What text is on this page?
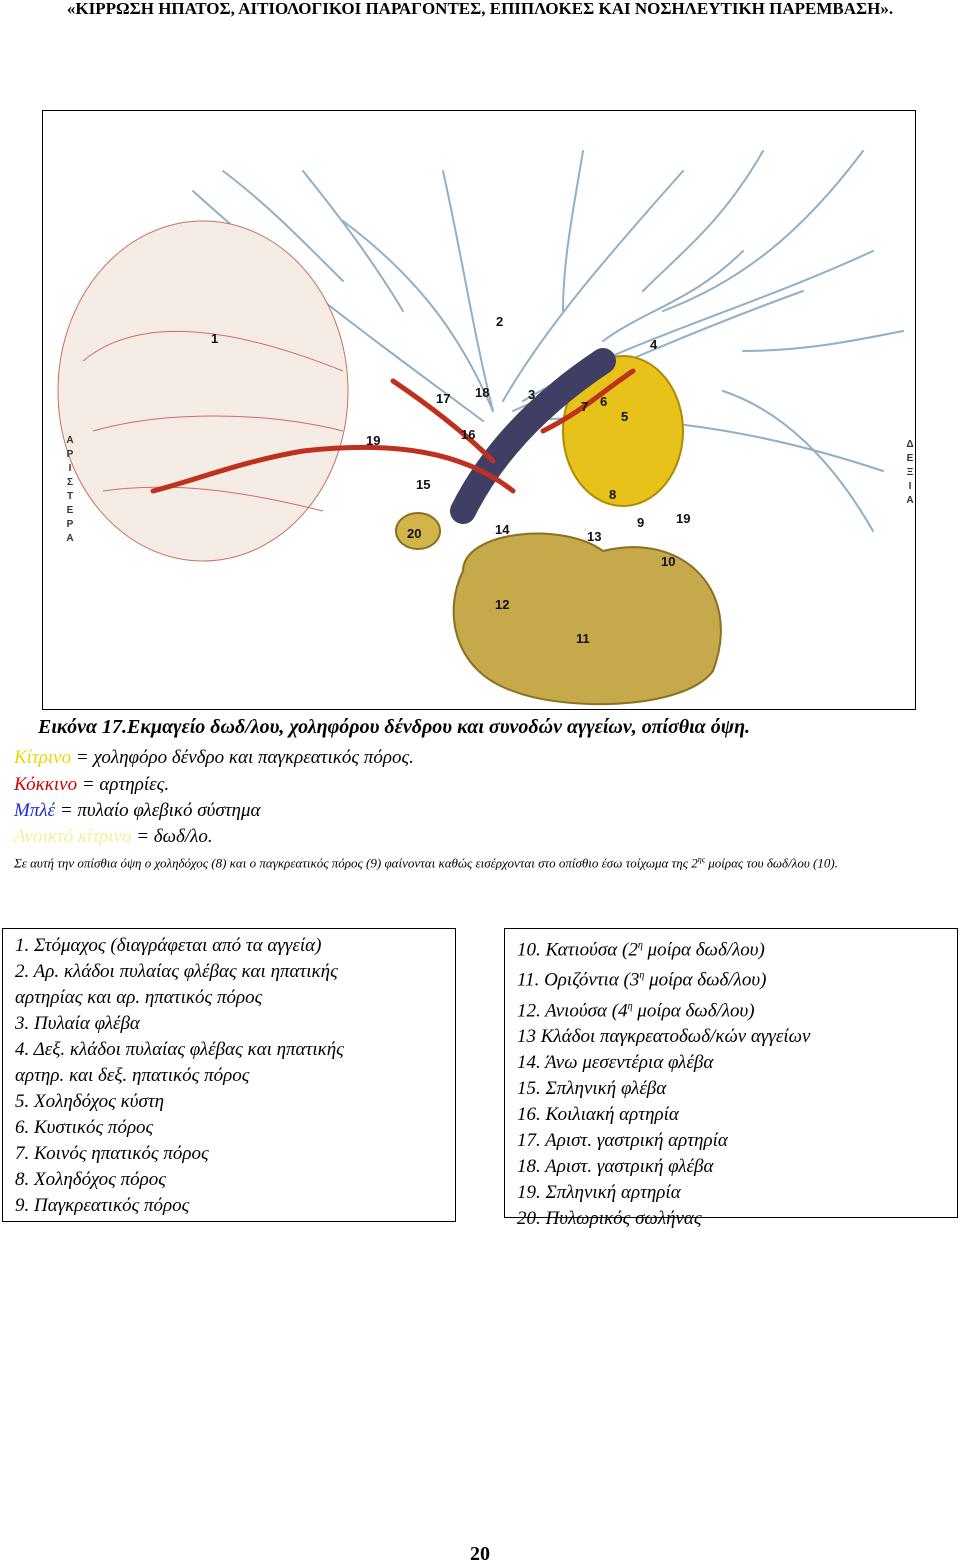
«ΚΙΡΡΩΣΗ ΗΠΑΤΟΣ, ΑΙΤΙΟΛΟΓΙΚΟΙ ΠΑΡΑΓΟΝΤΕΣ, ΕΠΙΠΛΟΚΕΣ ΚΑΙ ΝΟΣΗΛΕΥΤΙΚΗ ΠΑΡΕΜΒΑΣΗ».
1
2
3
4
5
6
7
8
9
10
11
12
13
14
15
16
17 18
19
19
20
Α
Ρ
Ι
Σ
Τ
Ε
Ρ
Α
Δ
Ε
Ξ
Ι
Α
Εικόνα 17.Εκμαγείο δωδ/λου, χοληφόρου δένδρου και συνοδών αγγείων, οπίσθια όψη.
Κίτρινο = χοληφόρο δένδρο και παγκρεατικός πόρος.
Κόκκινο = αρτηρίες.
Μπλέ = πυλαίο φλεβικό σύστημα
Ανοικτό κίτρινο = δωδ/λο.
Σε αυτή την οπίσθια όψη ο χοληδόχος (8) και ο παγκρεατικός πόρος (9) φαίνονται καθώς εισέρχονται στο οπίσθιο έσω τοίχωμα της $2^{\eta\varsigma}$ μοίρας του δωδ/λου (10).
1. Στόμαχος (διαγράφεται από τα αγγεία)
2. Αρ. κλάδοι πυλαίας φλέβας και ηπατικής
αρτηρίας και αρ. ηπατικός πόρος
3. Πυλαία φλέβα
4. Δεξ. κλάδοι πυλαίας φλέβας και ηπατικής
αρτηρ. και δεξ. ηπατικός πόρος
5. Χοληδόχος κύστη
6. Κυστικός πόρος
7. Κοινός ηπατικός πόρος
8. Χοληδόχος πόρος
9. Παγκρεατικός πόρος
10. Κατιούσα ($2^\eta$ μοίρα δωδ/λου)
11. Οριζόντια ($3^\eta$ μοίρα δωδ/λου)
12. Ανιούσα ($4^\eta$ μοίρα δωδ/λου)
13 Κλάδοι παγκρεατοδωδ/κών αγγείων
14. Άνω μεσεντέρια φλέβα
15. Σπληνική φλέβα
16. Κοιλιακή αρτηρία
17. Αριστ. γαστρική αρτηρία
18. Αριστ. γαστρική φλέβα
19. Σπληνική αρτηρία
20. Πυλωρικός σωλήνας
20
